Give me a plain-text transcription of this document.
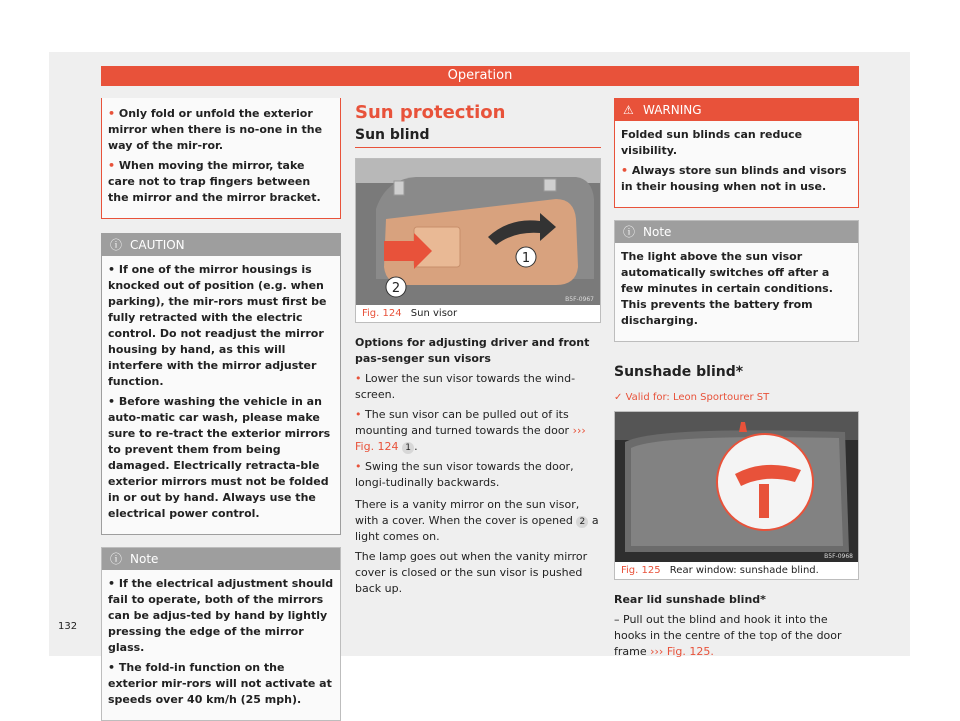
Operation

• Only fold or unfold the exterior mirror when there is no-one in the way of the mir-ror.

• When moving the mirror, take care not to trap fingers between the mirror and the mirror bracket.

ⓘ CAUTION

• If one of the mirror housings is knocked out of position (e.g. when parking), the mir-rors must first be fully retracted with the electric control. Do not readjust the mirror housing by hand, as this will interfere with the mirror adjuster function.

• Before washing the vehicle in an auto-matic car wash, please make sure to re-tract the exterior mirrors to prevent them from being damaged. Electrically retracta-ble exterior mirrors must not be folded in or out by hand. Always use the electrical power control.

ⓘ Note

• If the electrical adjustment should fail to operate, both of the mirrors can be adjus-ted by hand by lightly pressing the edge of the mirror glass.

• The fold-in function on the exterior mir-rors will not activate at speeds over 40 km/h (25 mph).

Sun protection
Sun blind
1
2
B5F-0967
Fig. 124 Sun visor

Options for adjusting driver and front pas-senger sun visors

• Lower the sun visor towards the wind-screen.

• The sun visor can be pulled out of its mounting and turned towards the door ››› Fig. 124 1 .

• Swing the sun visor towards the door, longi-tudinally backwards.

There is a vanity mirror on the sun visor, with a cover. When the cover is opened 2 a light comes on.

The lamp goes out when the vanity mirror cover is closed or the sun visor is pushed back up.

⚠ WARNING

Folded sun blinds can reduce visibility.

• Always store sun blinds and visors in their housing when not in use.

ⓘ Note

The light above the sun visor automatically switches off after a few minutes in certain conditions. This prevents the battery from discharging.

Sunshade blind*
✓ Valid for: Leon Sportourer ST
B5F-0968
Fig. 125 Rear window: sunshade blind.

Rear lid sunshade blind*

– Pull out the blind and hook it into the hooks in the centre of the top of the door frame ››› Fig. 125.

132
